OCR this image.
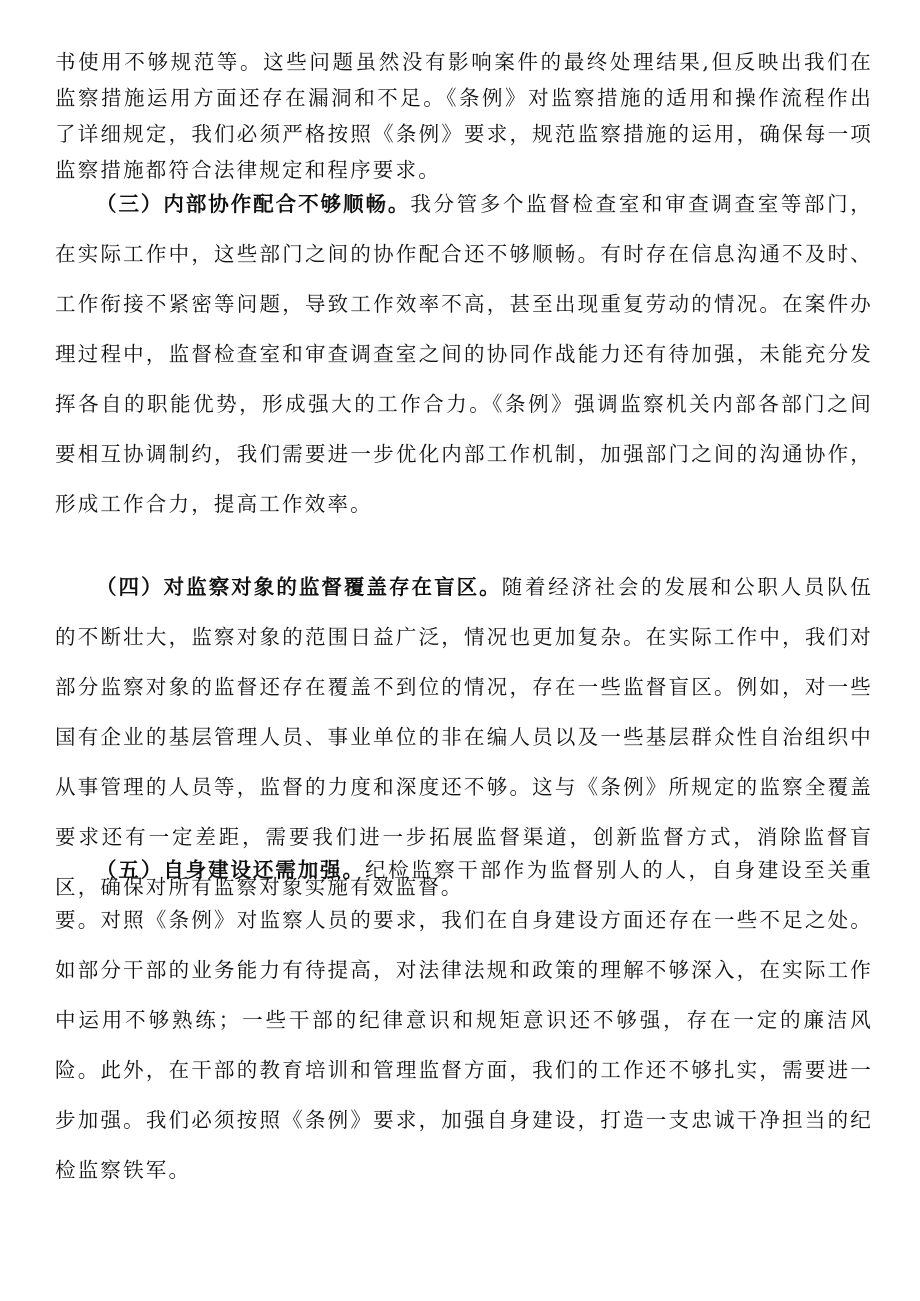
书使用不够规范等。这些问题虽然没有影响案件的最终处理结果,但反映出我们在监察措施运用方面还存在漏洞和不足。《条例》对监察措施的适用和操作流程作出了详细规定，我们必须严格按照《条例》要求，规范监察措施的运用，确保每一项监察措施都符合法律规定和程序要求。

（三）内部协作配合不够顺畅。我分管多个监督检查室和审查调查室等部门，在实际工作中，这些部门之间的协作配合还不够顺畅。有时存在信息沟通不及时、工作衔接不紧密等问题，导致工作效率不高，甚至出现重复劳动的情况。在案件办理过程中，监督检查室和审查调查室之间的协同作战能力还有待加强，未能充分发挥各自的职能优势，形成强大的工作合力。《条例》强调监察机关内部各部门之间要相互协调制约，我们需要进一步优化内部工作机制，加强部门之间的沟通协作，形成工作合力，提高工作效率。

（四）对监察对象的监督覆盖存在盲区。随着经济社会的发展和公职人员队伍的不断壮大，监察对象的范围日益广泛，情况也更加复杂。在实际工作中，我们对部分监察对象的监督还存在覆盖不到位的情况，存在一些监督盲区。例如，对一些国有企业的基层管理人员、事业单位的非在编人员以及一些基层群众性自治组织中从事管理的人员等，监督的力度和深度还不够。这与《条例》所规定的监察全覆盖要求还有一定差距，需要我们进一步拓展监督渠道，创新监督方式，消除监督盲区，确保对所有监察对象实施有效监督。

（五）自身建设还需加强。纪检监察干部作为监督别人的人，自身建设至关重要。对照《条例》对监察人员的要求，我们在自身建设方面还存在一些不足之处。如部分干部的业务能力有待提高，对法律法规和政策的理解不够深入，在实际工作中运用不够熟练；一些干部的纪律意识和规矩意识还不够强，存在一定的廉洁风险。此外，在干部的教育培训和管理监督方面，我们的工作还不够扎实，需要进一步加强。我们必须按照《条例》要求，加强自身建设，打造一支忠诚干净担当的纪检监察铁军。
